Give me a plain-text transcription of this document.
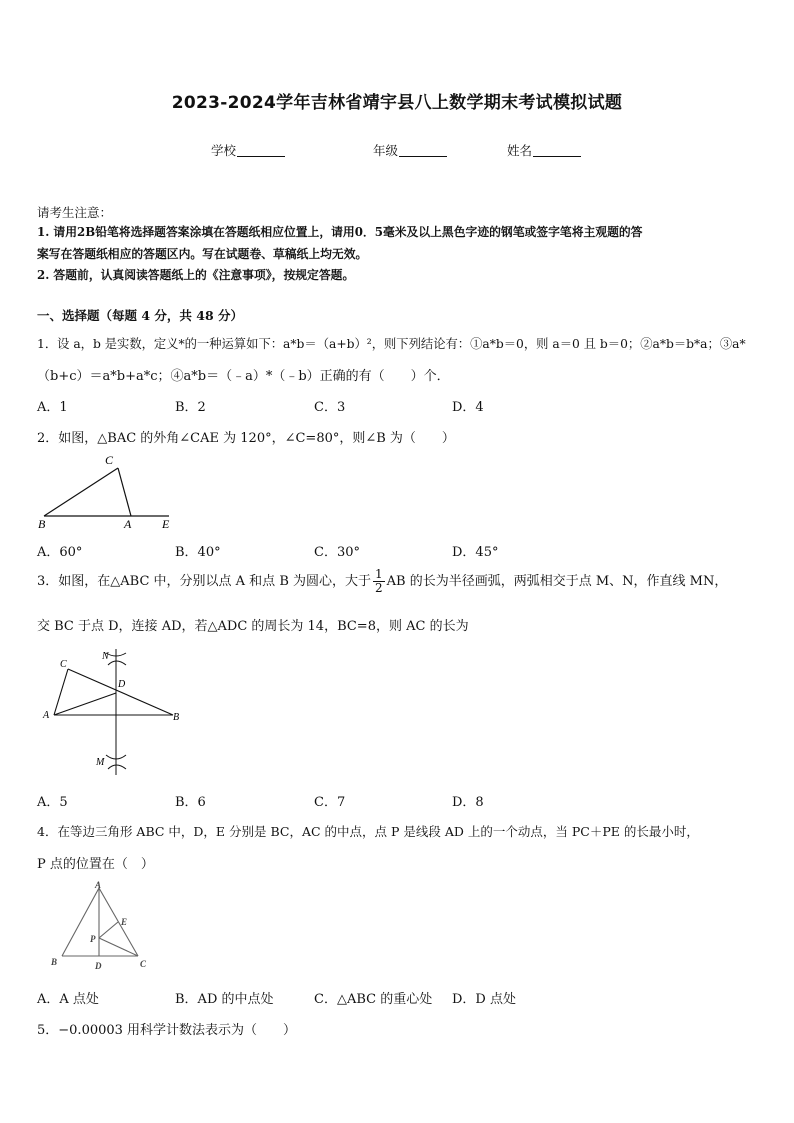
2023-2024学年吉林省靖宇县八上数学期末考试模拟试题
学校	年级	姓名
请考生注意：
1. 请用2B铅笔将选择题答案涂填在答题纸相应位置上，请用0．5毫米及以上黑色字迹的钢笔或签字笔将主观题的答
案写在答题纸相应的答题区内。写在试题卷、草稿纸上均无效。
2. 答题前，认真阅读答题纸上的《注意事项》，按规定答题。
一、选择题（每题 4 分，共 48 分）
1．设 a，b 是实数，定义*的一种运算如下：a*b＝（a+b）²，则下列结论有：①a*b＝0，则 a＝0 且 b＝0；②a*b＝b*a；③a*
（b+c）＝a*b+a*c；④a*b＝（﹣a）*（﹣b）正确的有（　　）个．
A．1	B．2	C．3	D．4
2．如图，△BAC 的外角∠CAE 为 120°，∠C=80°，则∠B 为（　　）
C
B	A	E
A．60°	B．40°	C．30°	D．45°
3．如图，在△ABC 中，分别以点 A 和点 B 为圆心，大于 $\frac{1}{2}$ AB 的长为半径画弧，两弧相交于点 M、N，作直线 MN，
交 BC 于点 D，连接 AD，若△ADC 的周长为 14，BC=8，则 AC 的长为
N
C
D
A	B
M
A．5	B．6	C．7	D．8
4．在等边三角形 ABC 中，D，E 分别是 BC，AC 的中点，点 P 是线段 AD 上的一个动点，当 PC＋PE 的长最小时，
P 点的位置在（　）
A
E
P
B	D	C
A．A 点处	B．AD 的中点处	C．△ABC 的重心处 D．D 点处
5．−0.00003 用科学计数法表示为（　　）
